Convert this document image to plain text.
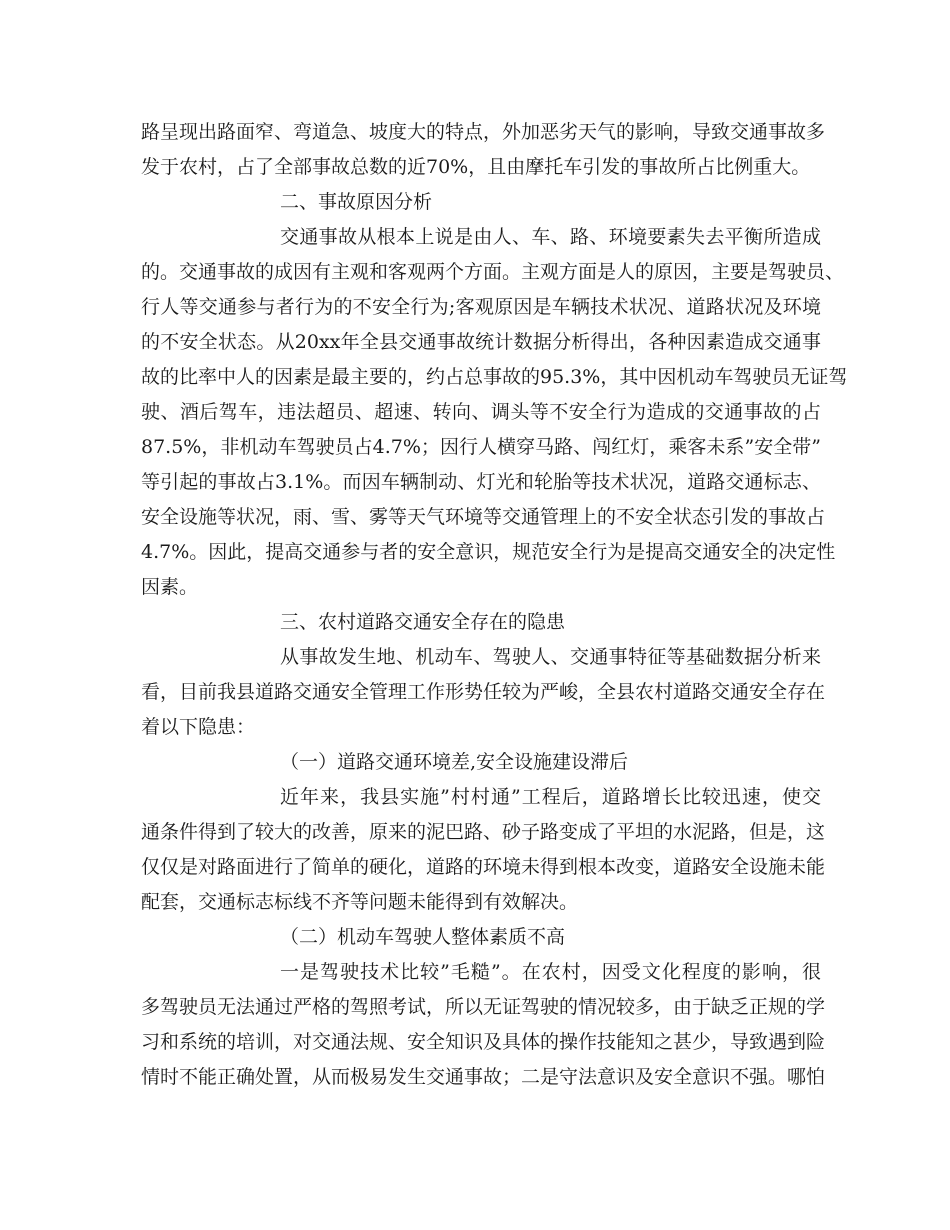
路呈现出路面窄、弯道急、坡度大的特点，外加恶劣天气的影响，导致交通事故多
发于农村，占了全部事故总数的近70%，且由摩托车引发的事故所占比例重大。
二、事故原因分析
交通事故从根本上说是由人、车、路、环境要素失去平衡所造成
的。交通事故的成因有主观和客观两个方面。主观方面是人的原因，主要是驾驶员、
行人等交通参与者行为的不安全行为;客观原因是车辆技术状况、道路状况及环境
的不安全状态。从20xx年全县交通事故统计数据分析得出，各种因素造成交通事
故的比率中人的因素是最主要的，约占总事故的95.3%，其中因机动车驾驶员无证驾
驶、酒后驾车，违法超员、超速、转向、调头等不安全行为造成的交通事故的占
87.5%，非机动车驾驶员占4.7%；因行人横穿马路、闯红灯，乘客未系”安全带”
等引起的事故占3.1%。而因车辆制动、灯光和轮胎等技术状况，道路交通标志、
安全设施等状况，雨、雪、雾等天气环境等交通管理上的不安全状态引发的事故占
4.7%。因此，提高交通参与者的安全意识，规范安全行为是提高交通安全的决定性
因素。
三、农村道路交通安全存在的隐患
从事故发生地、机动车、驾驶人、交通事特征等基础数据分析来
看，目前我县道路交通安全管理工作形势任较为严峻，全县农村道路交通安全存在
着以下隐患：
（一）道路交通环境差,安全设施建设滞后
近年来，我县实施”村村通”工程后，道路增长比较迅速，使交
通条件得到了较大的改善，原来的泥巴路、砂子路变成了平坦的水泥路，但是，这
仅仅是对路面进行了简单的硬化，道路的环境未得到根本改变，道路安全设施未能
配套，交通标志标线不齐等问题未能得到有效解决。
（二）机动车驾驶人整体素质不高
一是驾驶技术比较”毛糙”。在农村，因受文化程度的影响，很
多驾驶员无法通过严格的驾照考试，所以无证驾驶的情况较多，由于缺乏正规的学
习和系统的培训，对交通法规、安全知识及具体的操作技能知之甚少，导致遇到险
情时不能正确处置，从而极易发生交通事故；二是守法意识及安全意识不强。哪怕
